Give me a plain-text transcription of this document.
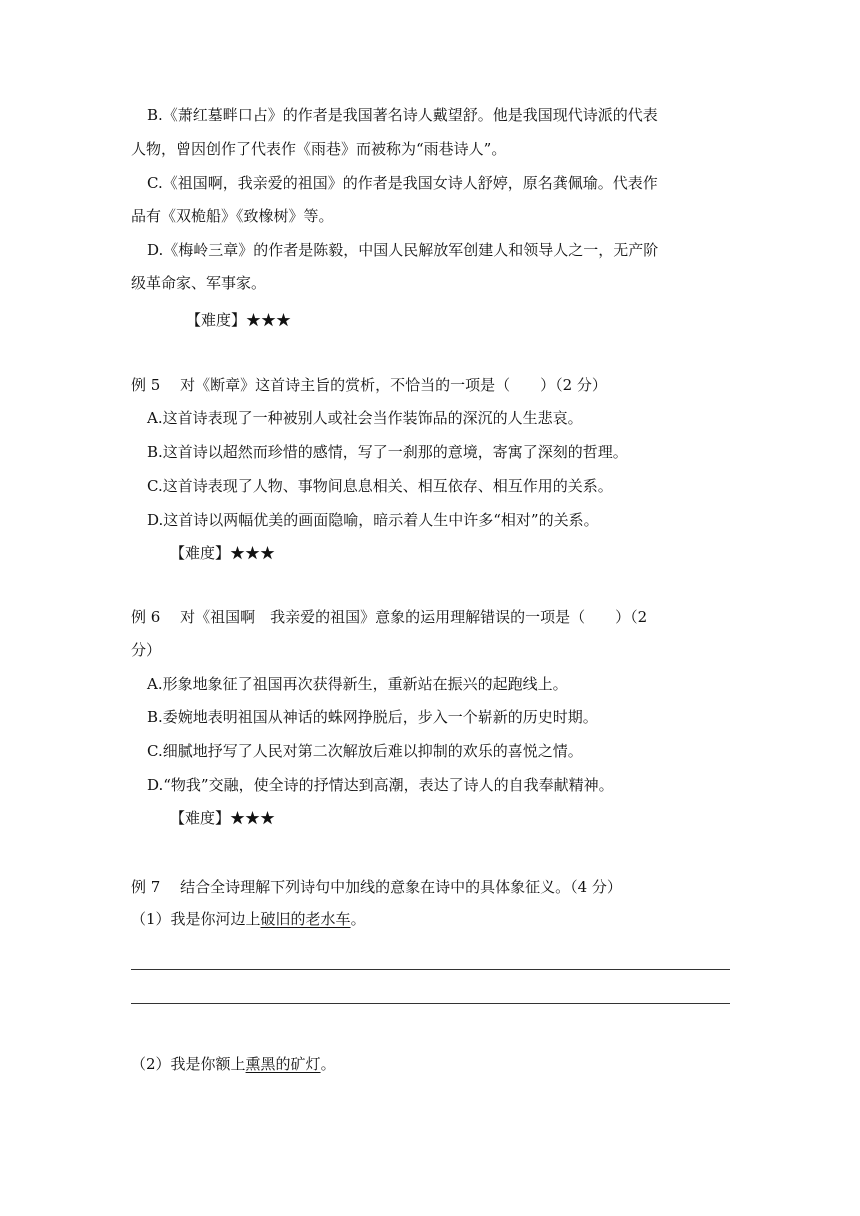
B.《萧红墓畔口占》的作者是我国著名诗人戴望舒。他是我国现代诗派的代表
人物，曾因创作了代表作《雨巷》而被称为“雨巷诗人”。
C.《祖国啊，我亲爱的祖国》的作者是我国女诗人舒婷，原名龚佩瑜。代表作
品有《双桅船》《致橡树》等。
D.《梅岭三章》的作者是陈毅，中国人民解放军创建人和领导人之一，无产阶
级革命家、军事家。
【难度】★★★
例 5　 对《断章》这首诗主旨的赏析，不恰当的一项是（　　）（2 分）
A.这首诗表现了一种被别人或社会当作装饰品的深沉的人生悲哀。
B.这首诗以超然而珍惜的感情，写了一刹那的意境，寄寓了深刻的哲理。
C.这首诗表现了人物、事物间息息相关、相互依存、相互作用的关系。
D.这首诗以两幅优美的画面隐喻，暗示着人生中许多“相对”的关系。
【难度】★★★
例 6　 对《祖国啊　我亲爱的祖国》意象的运用理解错误的一项是（　　）（2
分）
A.形象地象征了祖国再次获得新生，重新站在振兴的起跑线上。
B.委婉地表明祖国从神话的蛛网挣脱后，步入一个崭新的历史时期。
C.细腻地抒写了人民对第二次解放后难以抑制的欢乐的喜悦之情。
D.“物我”交融，使全诗的抒情达到高潮，表达了诗人的自我奉献精神。
【难度】★★★
例 7　 结合全诗理解下列诗句中加线的意象在诗中的具体象征义。（4 分）
（1）我是你河边上破旧的老水车。
（2）我是你额上熏黑的矿灯。
